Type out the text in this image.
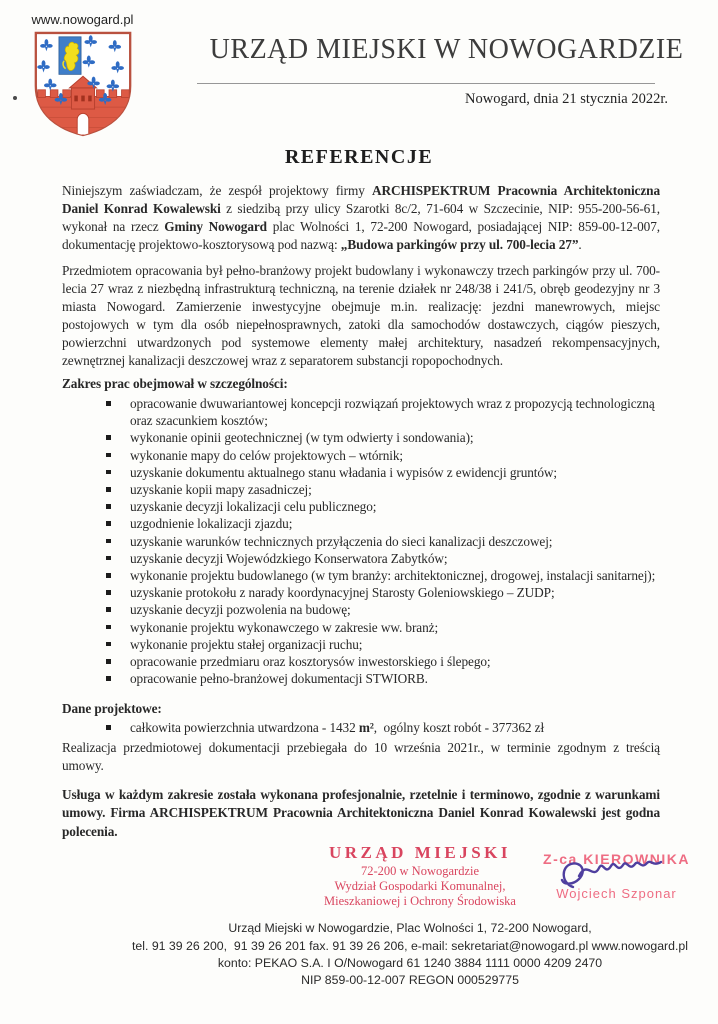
www.nowogard.pl
URZĄD MIEJSKI W NOWOGARDZIE
Nowogard, dnia 21 stycznia 2022r.
REFERENCJE

Niniejszym zaświadczam, że zespół projektowy firmy ARCHISPEKTRUM Pracownia Architektoniczna Daniel Konrad Kowalewski z siedzibą przy ulicy Szarotki 8c/2, 71-604 w Szczecinie, NIP: 955-200-56-61, wykonał na rzecz Gminy Nowogard plac Wolności 1, 72-200 Nowogard, posiadającej NIP: 859-00-12-007, dokumentację projektowo-kosztorysową pod nazwą: „Budowa parkingów przy ul. 700-lecia 27”.

Przedmiotem opracowania był pełno-branżowy projekt budowlany i wykonawczy trzech parkingów przy ul. 700-lecia 27 wraz z niezbędną infrastrukturą techniczną, na terenie działek nr 248/38 i 241/5, obręb geodezyjny nr 3 miasta Nowogard. Zamierzenie inwestycyjne obejmuje m.in. realizację: jezdni manewrowych, miejsc postojowych w tym dla osób niepełnosprawnych, zatoki dla samochodów dostawczych, ciągów pieszych, powierzchni utwardzonych pod systemowe elementy małej architektury, nasadzeń rekompensacyjnych, zewnętrznej kanalizacji deszczowej wraz z separatorem substancji ropopochodnych.

Zakres prac obejmował w szczególności:

opracowanie dwuwariantowej koncepcji rozwiązań projektowych wraz z propozycją technologiczną oraz szacunkiem kosztów;
wykonanie opinii geotechnicznej (w tym odwierty i sondowania);
wykonanie mapy do celów projektowych – wtórnik;
uzyskanie dokumentu aktualnego stanu władania i wypisów z ewidencji gruntów;
uzyskanie kopii mapy zasadniczej;
uzyskanie decyzji lokalizacji celu publicznego;
uzgodnienie lokalizacji zjazdu;
uzyskanie warunków technicznych przyłączenia do sieci kanalizacji deszczowej;
uzyskanie decyzji Wojewódzkiego Konserwatora Zabytków;
wykonanie projektu budowlanego (w tym branży: architektonicznej, drogowej, instalacji sanitarnej);
uzyskanie protokołu z narady koordynacyjnej Starosty Goleniowskiego – ZUDP;
uzyskanie decyzji pozwolenia na budowę;
wykonanie projektu wykonawczego w zakresie ww. branż;
wykonanie projektu stałej organizacji ruchu;
opracowanie przedmiaru oraz kosztorysów inwestorskiego i ślepego;
opracowanie pełno-branżowej dokumentacji STWIORB.

Dane projektowe:

całkowita powierzchnia utwardzona - 1432 m²,  ogólny koszt robót - 377362 zł

Realizacja przedmiotowej dokumentacji przebiegała do 10 września 2021r., w terminie zgodnym z treścią umowy.

Usługa w każdym zakresie została wykonana profesjonalnie, rzetelnie i terminowo, zgodnie z warunkami umowy. Firma ARCHISPEKTRUM Pracownia Architektoniczna Daniel Konrad Kowalewski jest godna polecenia.

URZĄD MIEJSKI
72-200 w Nowogardzie
Wydział Gospodarki Komunalnej,
Mieszkaniowej i Ochrony Środowiska
Z-ca KIEROWNIKA
Wojciech Szponar
Urząd Miejski w Nowogardzie, Plac Wolności 1, 72-200 Nowogard,
tel. 91 39 26 200,  91 39 26 201 fax. 91 39 26 206, e-mail: sekretariat@nowogard.pl www.nowogard.pl
konto: PEKAO S.A. I O/Nowogard 61 1240 3884 1111 0000 4209 2470
NIP 859-00-12-007 REGON 000529775
